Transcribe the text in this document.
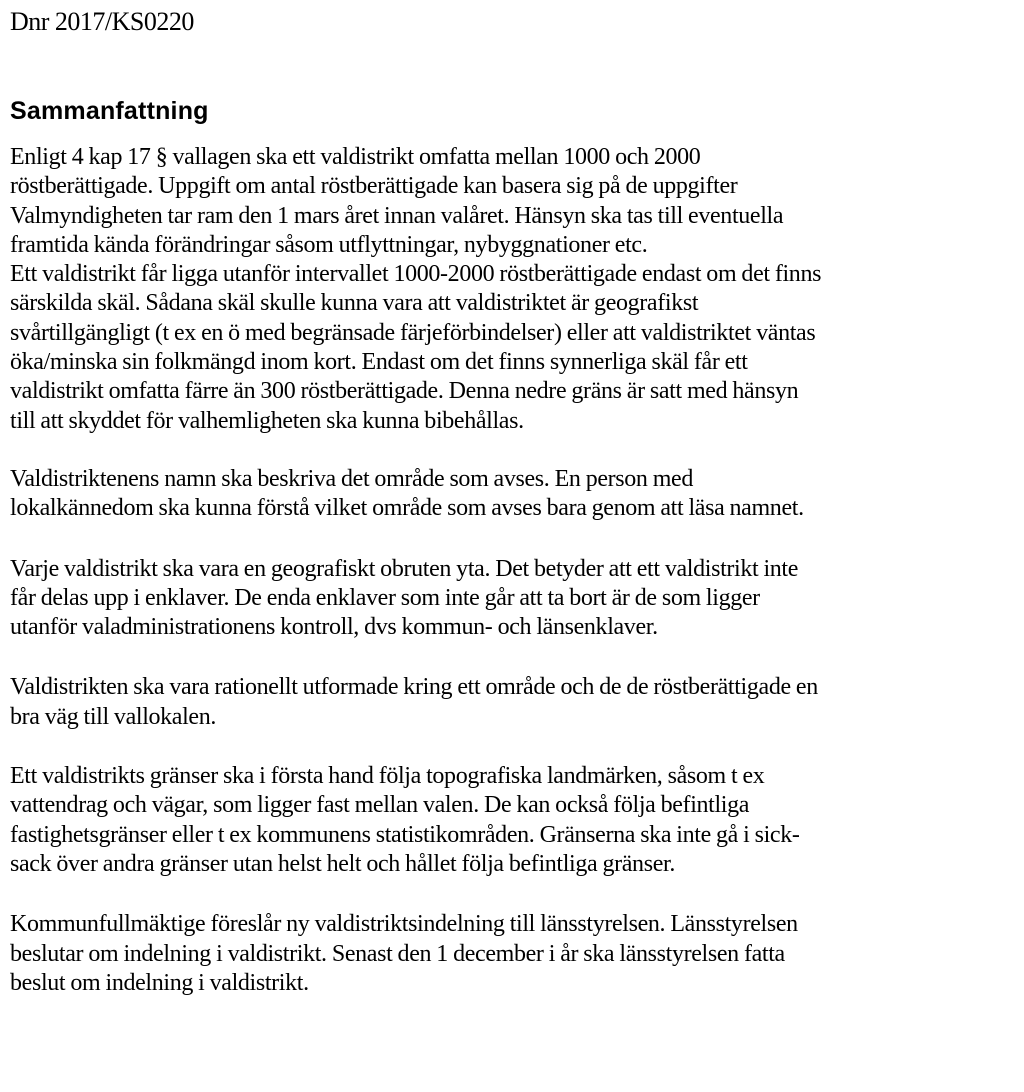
Dnr 2017/KS0220

Sammanfattning

Enligt 4 kap 17 § vallagen ska ett valdistrikt omfatta mellan 1000 och 2000
röstberättigade. Uppgift om antal röstberättigade kan basera sig på de uppgifter
Valmyndigheten tar ram den 1 mars året innan valåret. Hänsyn ska tas till eventuella
framtida kända förändringar såsom utflyttningar, nybyggnationer etc.

Ett valdistrikt får ligga utanför intervallet 1000-2000 röstberättigade endast om det finns
särskilda skäl. Sådana skäl skulle kunna vara att valdistriktet är geografikst
svårtillgängligt (t ex en ö med begränsade färjeförbindelser) eller att valdistriktet väntas
öka/minska sin folkmängd inom kort. Endast om det finns synnerliga skäl får ett
valdistrikt omfatta färre än 300 röstberättigade. Denna nedre gräns är satt med hänsyn
till att skyddet för valhemligheten ska kunna bibehållas.

Valdistriktenens namn ska beskriva det område som avses. En person med
lokalkännedom ska kunna förstå vilket område som avses bara genom att läsa namnet.

Varje valdistrikt ska vara en geografiskt obruten yta. Det betyder att ett valdistrikt inte
får delas upp i enklaver. De enda enklaver som inte går att ta bort är de som ligger
utanför valadministrationens kontroll, dvs kommun- och länsenklaver.

Valdistrikten ska vara rationellt utformade kring ett område och de de röstberättigade en
bra väg till vallokalen.

Ett valdistrikts gränser ska i första hand följa topografiska landmärken, såsom t ex
vattendrag och vägar, som ligger fast mellan valen. De kan också följa befintliga
fastighetsgränser eller t ex kommunens statistikområden. Gränserna ska inte gå i sick-
sack över andra gränser utan helst helt och hållet följa befintliga gränser.

Kommunfullmäktige föreslår ny valdistriktsindelning till länsstyrelsen. Länsstyrelsen
beslutar om indelning i valdistrikt. Senast den 1 december i år ska länsstyrelsen fatta
beslut om indelning i valdistrikt.
